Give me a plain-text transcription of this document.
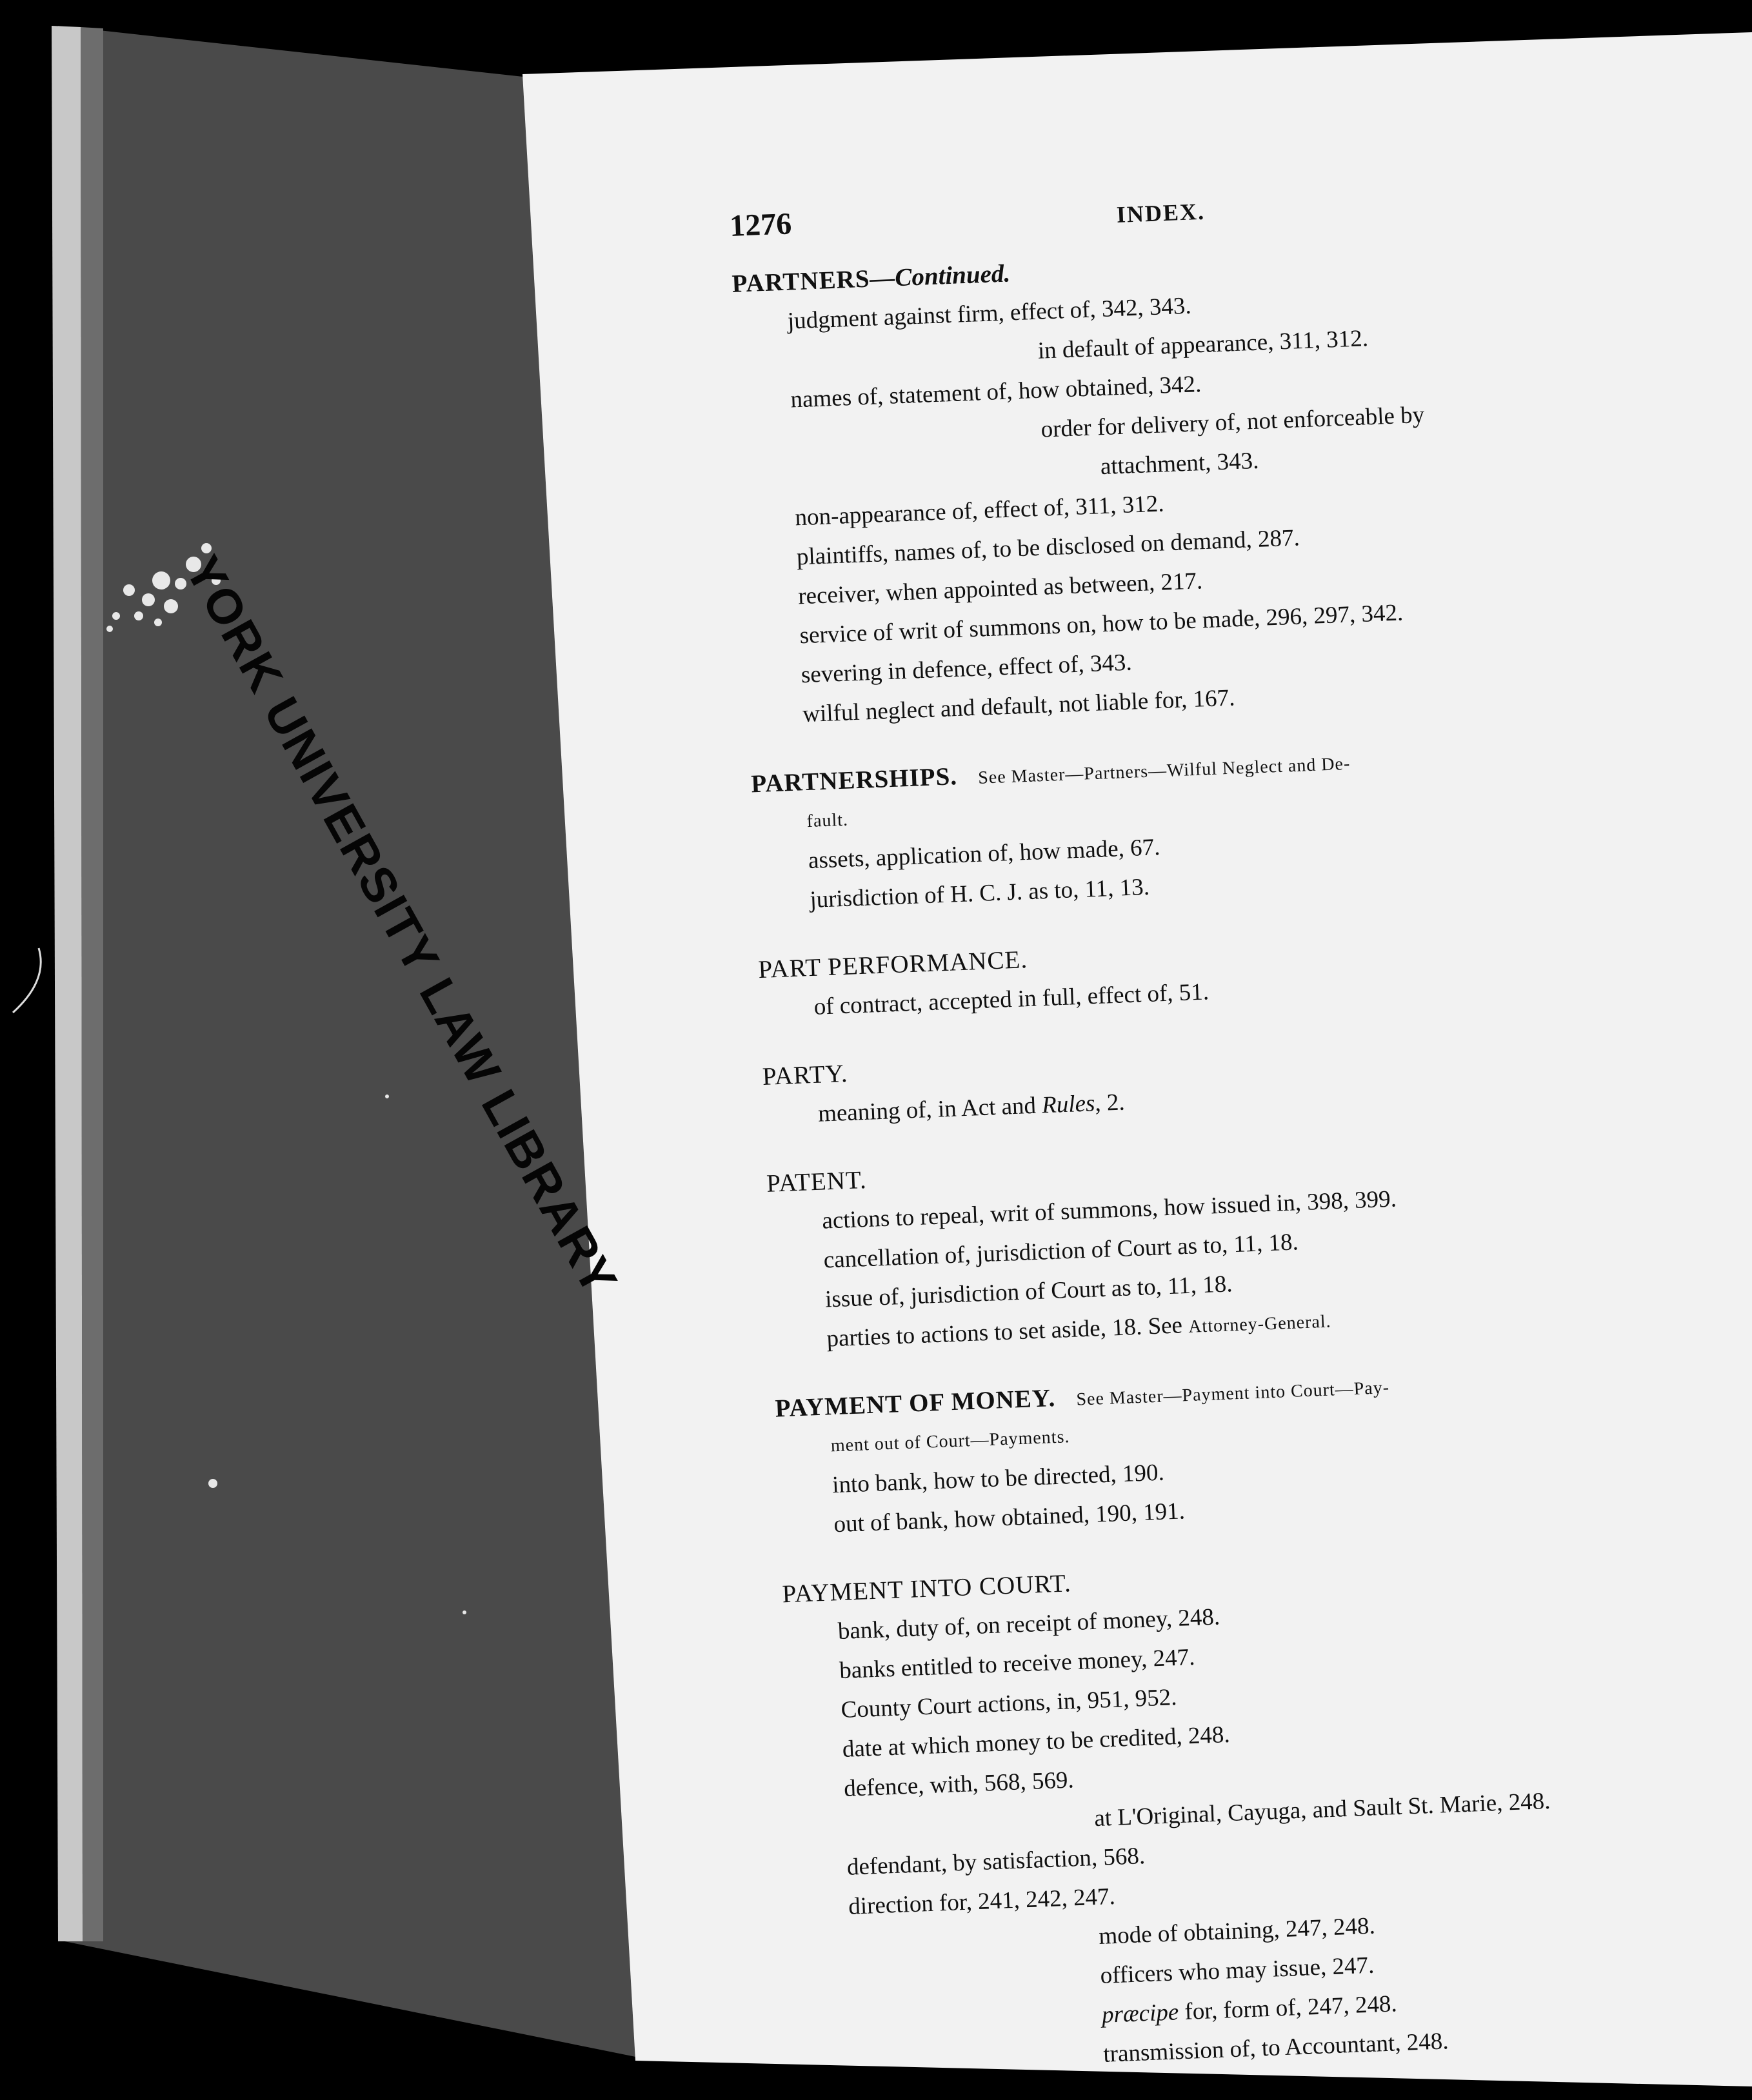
1276	INDEX.
PARTNERS—Continued.
judgment against firm, effect of, 342, 343.
in default of appearance, 311, 312.
names of, statement of, how obtained, 342.
order for delivery of, not enforceable by
attachment, 343.
non-appearance of, effect of, 311, 312.
plaintiffs, names of, to be disclosed on demand, 287.
receiver, when appointed as between, 217.
service of writ of summons on, how to be made, 296, 297, 342.
severing in defence, effect of, 343.
wilful neglect and default, not liable for, 167.
PARTNERSHIPS. See Master—Partners—Wilful Neglect and De-
fault.
assets, application of, how made, 67.
jurisdiction of H. C. J. as to, 11, 13.
PART PERFORMANCE.
of contract, accepted in full, effect of, 51.
PARTY.
meaning of, in Act and Rules, 2.
PATENT.
actions to repeal, writ of summons, how issued in, 398, 399.
cancellation of, jurisdiction of Court as to, 11, 18.
issue of, jurisdiction of Court as to, 11, 18.
parties to actions to set aside, 18. See Attorney-General.
PAYMENT OF MONEY. See Master—Payment into Court—Pay-
ment out of Court—Payments.
into bank, how to be directed, 190.
out of bank, how obtained, 190, 191.
PAYMENT INTO COURT.
bank, duty of, on receipt of money, 248.
banks entitled to receive money, 247.
County Court actions, in, 951, 952.
date at which money to be credited, 248.
defence, with, 568, 569.
at L'Original, Cayuga, and Sault St. Marie, 248.
defendant, by satisfaction, 568.
direction for, 241, 242, 247.
mode of obtaining, 247, 248.
officers who may issue, 247.
præcipe for, form of, 247, 248.
transmission of, to Accountant, 248.
